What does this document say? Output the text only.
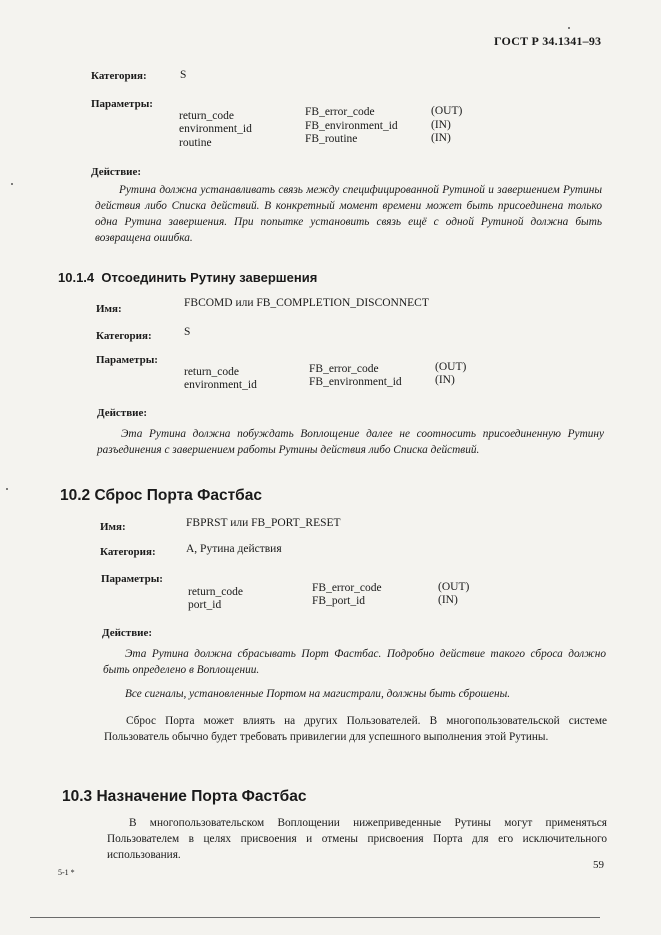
ГОСТ Р 34.1341–93
Категория:	S
Параметры:
return_code	FB_error_code	(OUT)
environment_id	FB_environment_id	(IN)
routine	FB_routine	(IN)
Действие:
Рутина должна устанавливать связь между специфицированной Рутиной и завершением Рутины действия либо Списка действий. В конкретный момент времени может быть присоединена только одна Рутина завершения. При попытке установить связь ещё с одной Рутиной должна быть возвращена ошибка.
10.1.4 Отсоединить Рутину завершения
Имя:	FBCOMD или FB_COMPLETION_DISCONNECT
Категория:	S
Параметры:
return_code	FB_error_code	(OUT)
environment_id	FB_environment_id	(IN)
Действие:
Эта Рутина должна побуждать Воплощение далее не соотносить присоединенную Рутину разъединения с завершением работы Рутины действия либо Списка действий.
10.2 Сброс Порта Фастбас
Имя:	FBPRST или FB_PORT_RESET
Категория:	A, Рутина действия
Параметры:
return_code	FB_error_code	(OUT)
port_id	FB_port_id	(IN)
Действие:
Эта Рутина должна сбрасывать Порт Фастбас. Подробно действие такого сброса должно быть определено в Воплощении.
Все сигналы, установленные Портом на магистрали, должны быть сброшены.
Сброс Порта может влиять на других Пользователей. В многопользовательской системе Пользователь обычно будет требовать привилегии для успешного выполнения этой Рутины.
10.3 Назначение Порта Фастбас
В многопользовательском Воплощении нижеприведенные Рутины могут применяться Пользователем в целях присвоения и отмены присвоения Порта для его исключительного использования.
59
5-1 *
